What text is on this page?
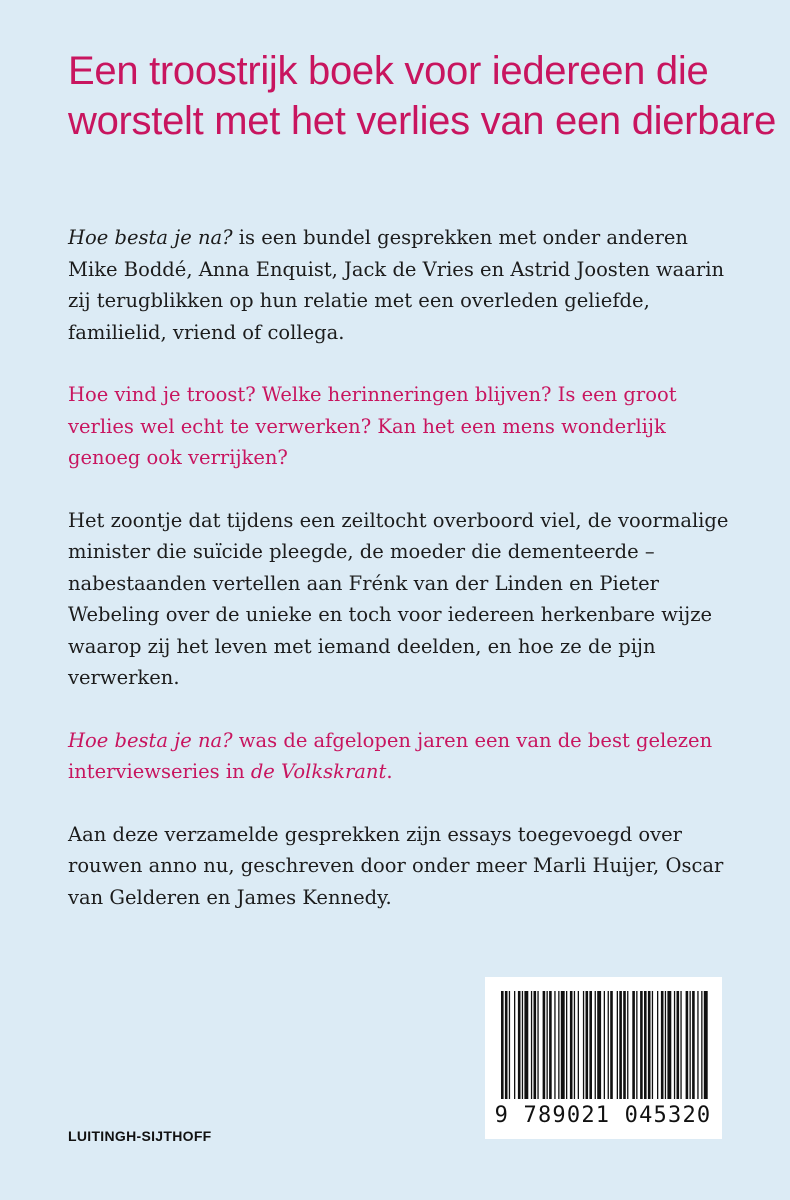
Een troostrijk boek voor iedereen die
worstelt met het verlies van een dierbare

Hoe besta je na? is een bundel gesprekken met onder anderen Mike Boddé, Anna Enquist, Jack de Vries en Astrid Joosten waarin zij terugblikken op hun relatie met een overleden geliefde, familielid, vriend of collega.

Hoe vind je troost? Welke herinneringen blijven? Is een groot verlies wel echt te verwerken? Kan het een mens wonderlijk genoeg ook verrijken?

Het zoontje dat tijdens een zeiltocht overboord viel, de voormalige minister die suïcide pleegde, de moeder die dementeerde – nabestaanden vertellen aan Frénk van der Linden en Pieter Webeling over de unieke en toch voor iedereen herkenbare wijze waarop zij het leven met iemand deelden, en hoe ze de pijn verwerken.

Hoe besta je na? was de afgelopen jaren een van de best gelezen interviewseries in de Volkskrant.

Aan deze verzamelde gesprekken zijn essays toegevoegd over rouwen anno nu, geschreven door onder meer Marli Huijer, Oscar van Gelderen en James Kennedy.

9 789021 045320
LUITINGH-SIJTHOFF
